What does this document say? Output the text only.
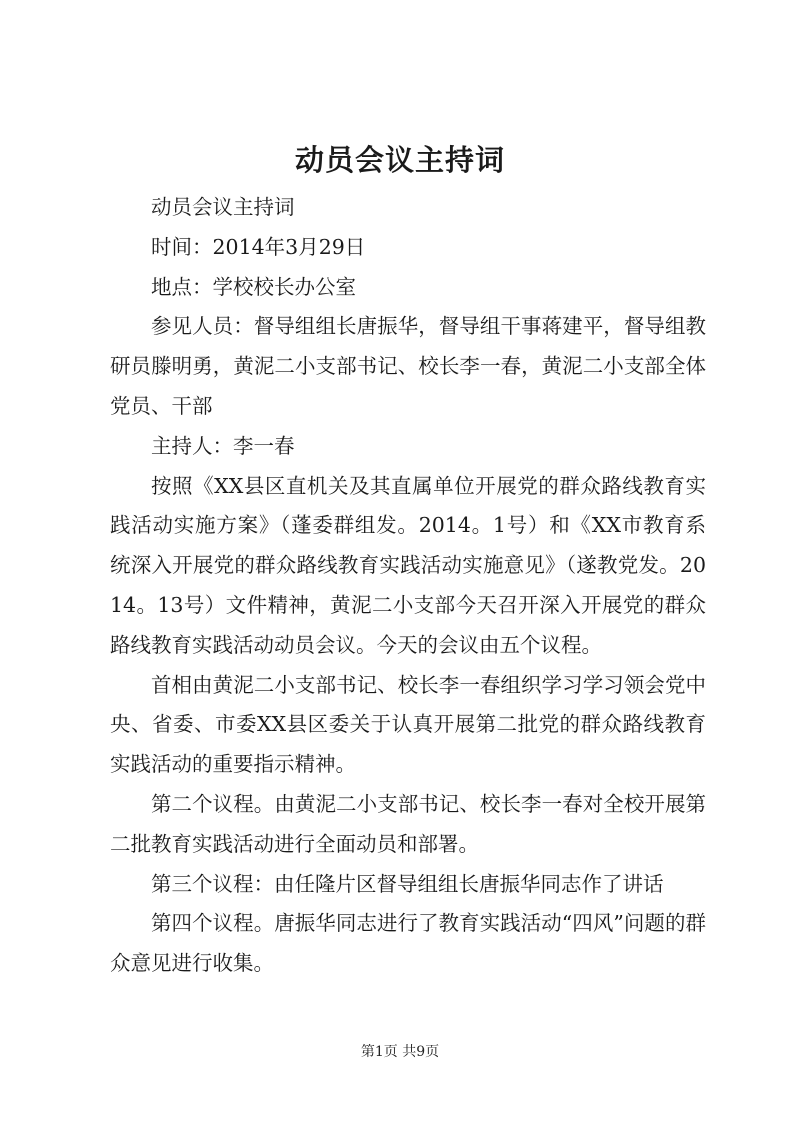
动员会议主持词

动员会议主持词

时间：2014年3月29日

地点：学校校长办公室

参见人员：督导组组长唐振华，督导组干事蒋建平，督导组教研员滕明勇，黄泥二小支部书记、校长李一春，黄泥二小支部全体党员、干部

主持人：李一春

按照《XX县区直机关及其直属单位开展党的群众路线教育实践活动实施方案》（蓬委群组发。2014。1号）和《XX市教育系统深入开展党的群众路线教育实践活动实施意见》（遂教党发。2014。13号）文件精神，黄泥二小支部今天召开深入开展党的群众路线教育实践活动动员会议。今天的会议由五个议程。

首相由黄泥二小支部书记、校长李一春组织学习学习领会党中央、省委、市委XX县区委关于认真开展第二批党的群众路线教育实践活动的重要指示精神。

第二个议程。由黄泥二小支部书记、校长李一春对全校开展第二批教育实践活动进行全面动员和部署。

第三个议程：由任隆片区督导组组长唐振华同志作了讲话

第四个议程。唐振华同志进行了教育实践活动“四风”问题的群众意见进行收集。

第1页 共9页
